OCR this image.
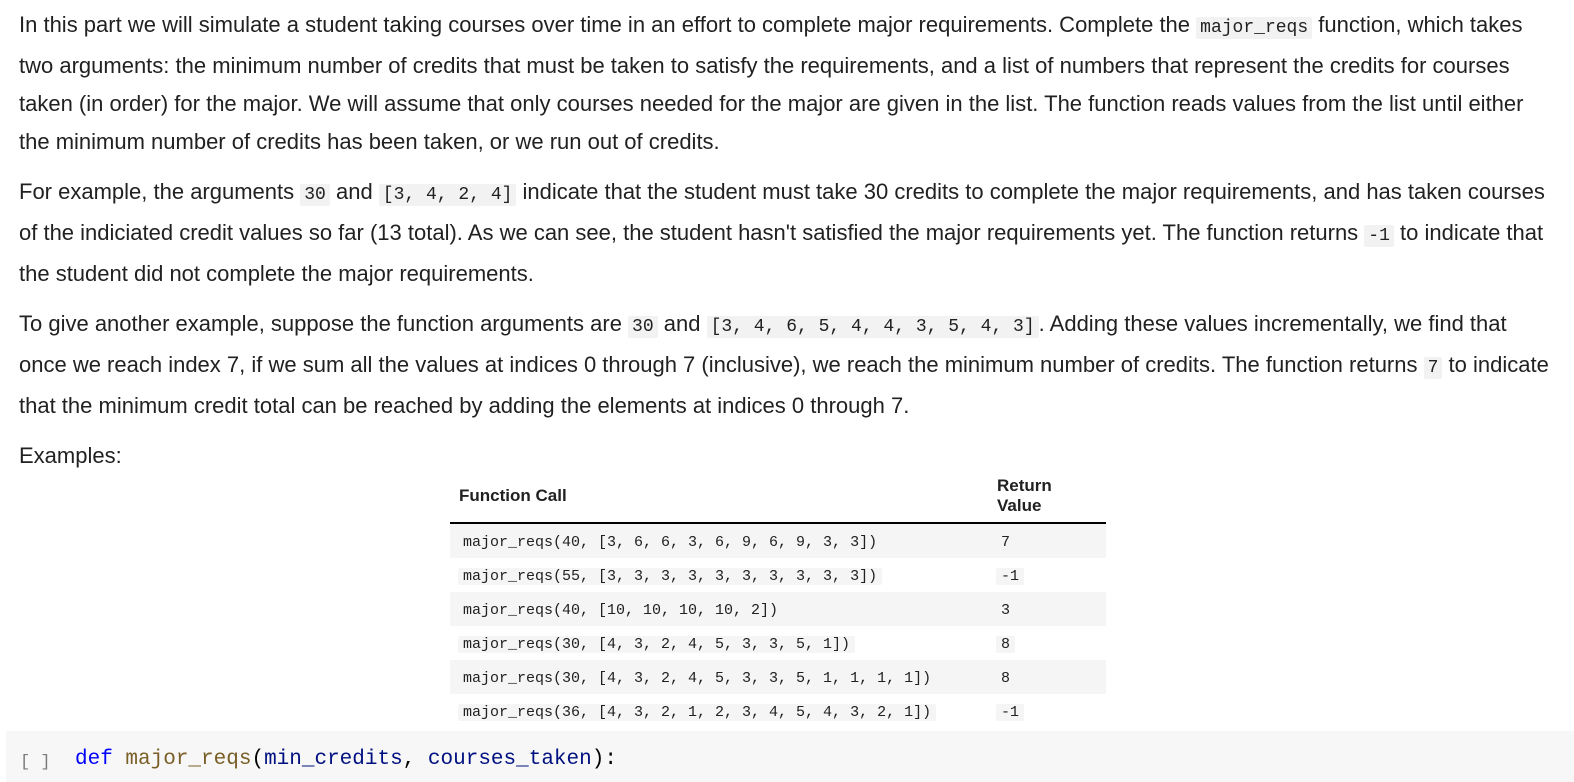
In this part we will simulate a student taking courses over time in an effort to complete major requirements. Complete the major_reqs function, which takes two arguments: the minimum number of credits that must be taken to satisfy the requirements, and a list of numbers that represent the credits for courses taken (in order) for the major. We will assume that only courses needed for the major are given in the list. The function reads values from the list until either the minimum number of credits has been taken, or we run out of credits.

For example, the arguments 30 and [3, 4, 2, 4] indicate that the student must take 30 credits to complete the major requirements, and has taken courses of the indiciated credit values so far (13 total). As we can see, the student hasn't satisfied the major requirements yet. The function returns -1 to indicate that the student did not complete the major requirements.

To give another example, suppose the function arguments are 30 and [3, 4, 6, 5, 4, 4, 3, 5, 4, 3] . Adding these values incrementally, we find that once we reach index 7, if we sum all the values at indices 0 through 7 (inclusive), we reach the minimum number of credits. The function returns 7 to indicate that the minimum credit total can be reached by adding the elements at indices 0 through 7.

Examples:

Function Call	Return Value
major_reqs(40, [3, 6, 6, 3, 6, 9, 6, 9, 3, 3])	7
major_reqs(55, [3, 3, 3, 3, 3, 3, 3, 3, 3, 3])	-1
major_reqs(40, [10, 10, 10, 10, 2])	3
major_reqs(30, [4, 3, 2, 4, 5, 3, 3, 5, 1])	8
major_reqs(30, [4, 3, 2, 4, 5, 3, 3, 5, 1, 1, 1, 1])	8
major_reqs(36, [4, 3, 2, 1, 2, 3, 4, 5, 4, 3, 2, 1])	-1
[ ] def major_reqs(min_credits, courses_taken):
